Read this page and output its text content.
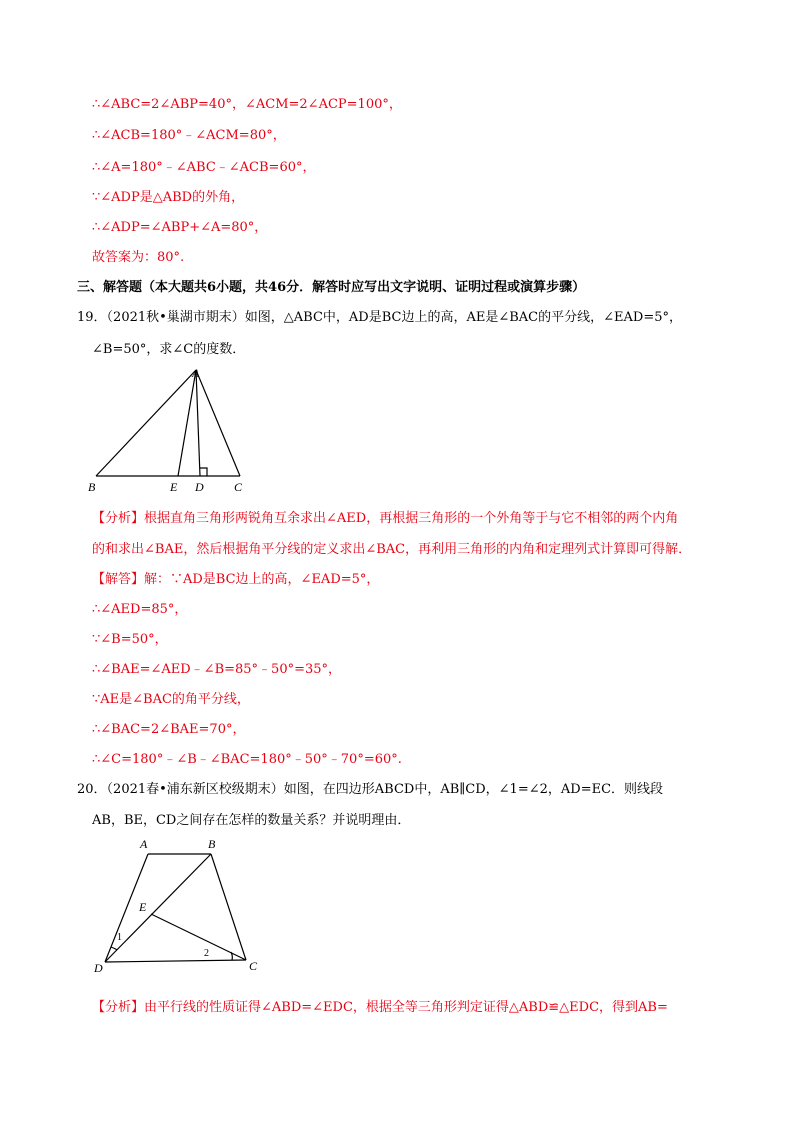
∴∠ABC=2∠ABP=40°，∠ACM=2∠ACP=100°，
∴∠ACB=180°﹣∠ACM=80°，
∴∠A=180°﹣∠ABC﹣∠ACB=60°，
∵∠ADP是△ABD的外角，
∴∠ADP=∠ABP+∠A=80°，
故答案为：80°.
三、解答题（本大题共6小题，共46分．解答时应写出文字说明、证明过程或演算步骤）
19．（2021秋•巢湖市期末）如图，△ABC中，AD是BC边上的高，AE是∠BAC的平分线，∠EAD=5°，
∠B=50°，求∠C的度数．
A
B	E D	C
【分析】根据直角三角形两锐角互余求出∠AED，再根据三角形的一个外角等于与它不相邻的两个内角
的和求出∠BAE，然后根据角平分线的定义求出∠BAC，再利用三角形的内角和定理列式计算即可得解．
【解答】解：∵AD是BC边上的高，∠EAD=5°，
∴∠AED=85°，
∵∠B=50°，
∴∠BAE=∠AED﹣∠B=85°﹣50°=35°，
∵AE是∠BAC的角平分线，
∴∠BAC=2∠BAE=70°，
∴∠C=180°﹣∠B﹣∠BAC=180°﹣50°﹣70°=60°.
20．（2021春•浦东新区校级期末）如图，在四边形ABCD中，AB∥CD，∠1=∠2，AD=EC．则线段
AB，BE，CD之间存在怎样的数量关系？并说明理由．
A	B
E
D	C
1
2
【分析】由平行线的性质证得∠ABD=∠EDC，根据全等三角形判定证得△ABD≌△EDC，得到AB=
